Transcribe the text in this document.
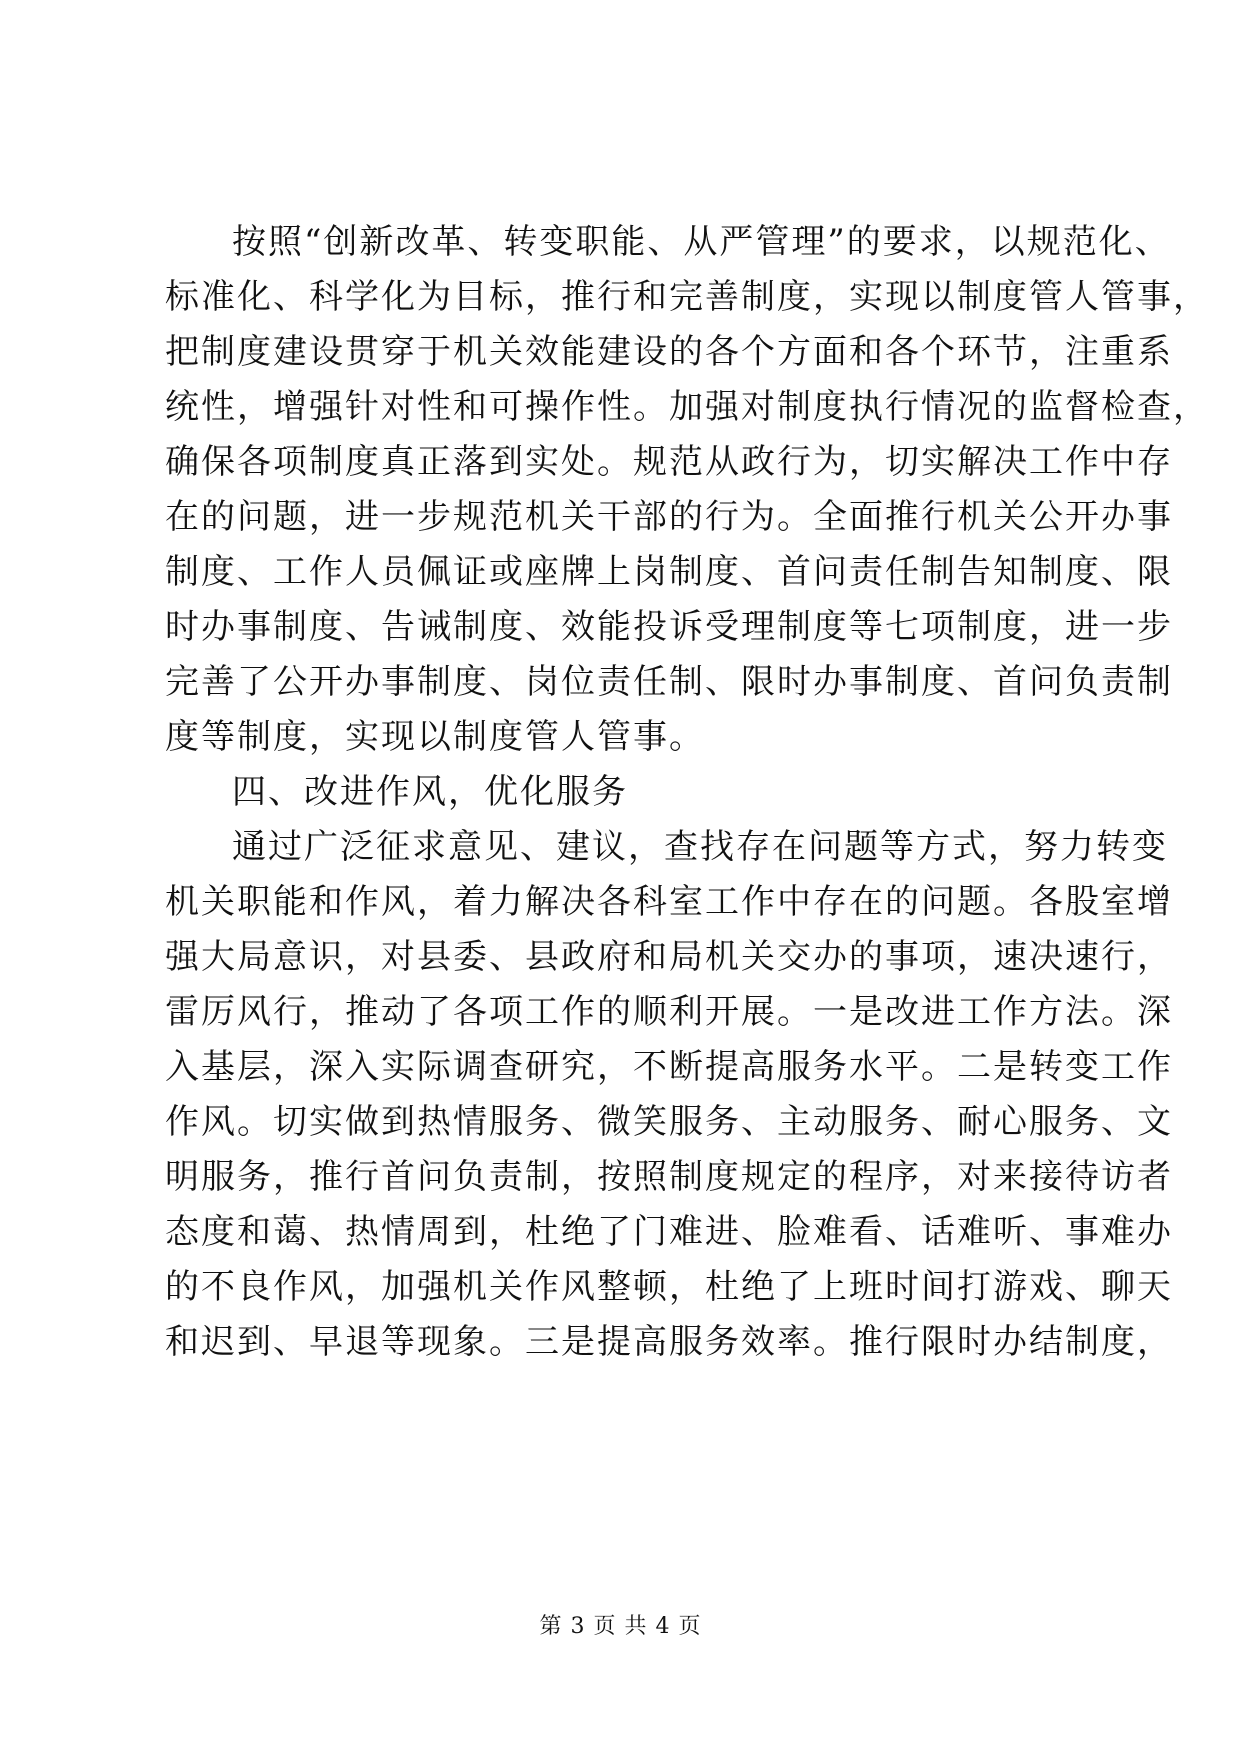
按照“创新改革、转变职能、从严管理”的要求，以规范化、
标准化、科学化为目标，推行和完善制度，实现以制度管人管事，
把制度建设贯穿于机关效能建设的各个方面和各个环节，注重系
统性，增强针对性和可操作性。加强对制度执行情况的监督检查，
确保各项制度真正落到实处。规范从政行为，切实解决工作中存
在的问题，进一步规范机关干部的行为。全面推行机关公开办事
制度、工作人员佩证或座牌上岗制度、首问责任制告知制度、限
时办事制度、告诫制度、效能投诉受理制度等七项制度，进一步
完善了公开办事制度、岗位责任制、限时办事制度、首问负责制
度等制度，实现以制度管人管事。
四、改进作风，优化服务
通过广泛征求意见、建议，查找存在问题等方式，努力转变
机关职能和作风，着力解决各科室工作中存在的问题。各股室增
强大局意识，对县委、县政府和局机关交办的事项，速决速行，
雷厉风行，推动了各项工作的顺利开展。一是改进工作方法。深
入基层，深入实际调查研究，不断提高服务水平。二是转变工作
作风。切实做到热情服务、微笑服务、主动服务、耐心服务、文
明服务，推行首问负责制，按照制度规定的程序，对来接待访者
态度和蔼、热情周到，杜绝了门难进、脸难看、话难听、事难办
的不良作风，加强机关作风整顿，杜绝了上班时间打游戏、聊天
和迟到、早退等现象。三是提高服务效率。推行限时办结制度，
第 3 页 共 4 页
